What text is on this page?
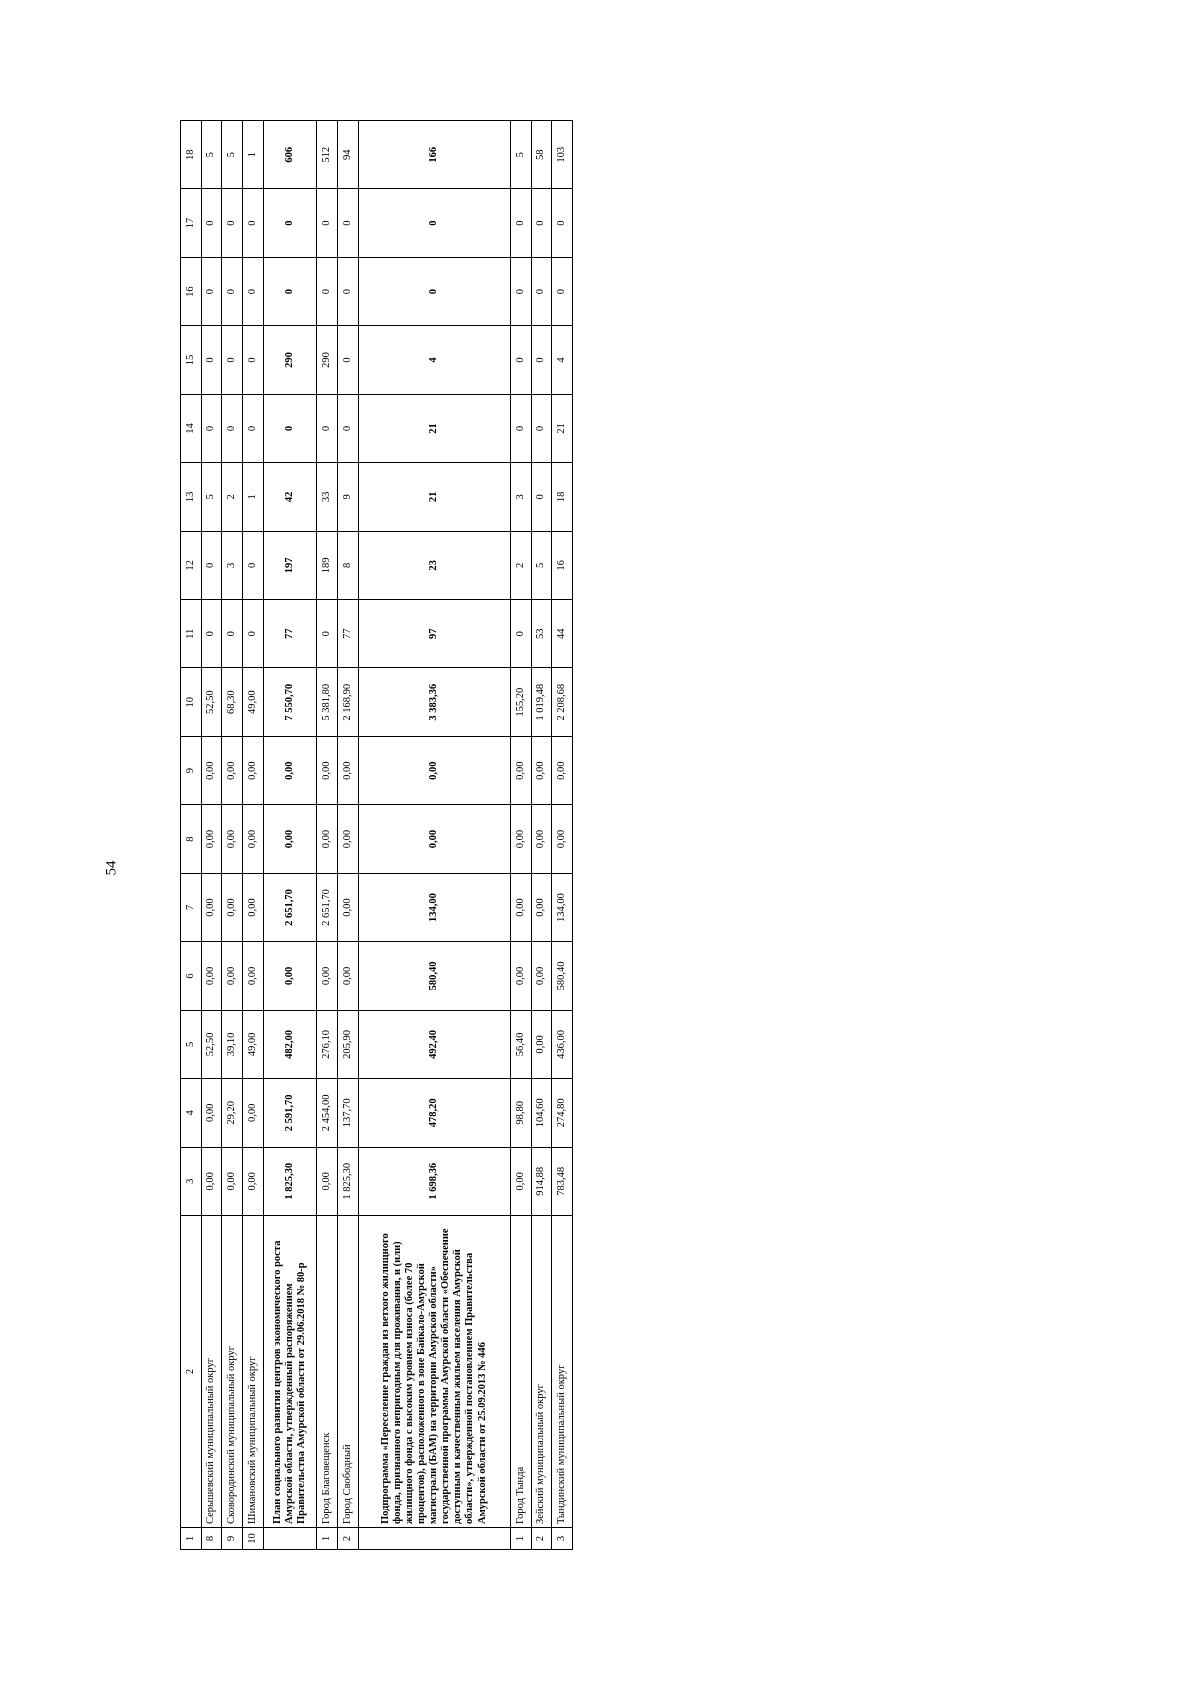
54
1	2	3	4	5	6	7	8	9	10	11	12	13	14	15	16	17	18
8	Серышевский муниципальный округ	0,00	0,00	52,50	0,00	0,00	0,00	0,00	52,50	0	0	5	0	0	0	0	5
9	Сковородинский муниципальный округ	0,00	29,20	39,10	0,00	0,00	0,00	0,00	68,30	0	3	2	0	0	0	0	5
10	Шимановский муниципальный округ	0,00	0,00	49,00	0,00	0,00	0,00	0,00	49,00	0	0	1	0	0	0	0	1
	План социального развития центров экономического роста Амурской области, утвержденный распоряжением Правительства Амурской области от 29.06.2018 № 80-р	1 825,30	2 591,70	482,00	0,00	2 651,70	0,00	0,00	7 550,70	77	197	42	0	290	0	0	606
1	Город Благовещенск	0,00	2 454,00	276,10	0,00	2 651,70	0,00	0,00	5 381,80	0	189	33	0	290	0	0	512
2	Город Свободный	1 825,30	137,70	205,90	0,00	0,00	0,00	0,00	2 168,90	77	8	9	0	0	0	0	94
	Подпрограмма «Переселение граждан из ветхого жилищного фонда, признанного непригодным для проживания, и (или) жилищного фонда с высоким уровнем износа (более 70 процентов), расположенного в зоне Байкало-Амурской магистрали (БАМ) на территории Амурской области» государственной программы Амурской области «Обеспечение доступным и качественным жильем населения Амурской области», утвержденной постановлением Правительства Амурской области от 25.09.2013 № 446	1 698,36	478,20	492,40	580,40	134,00	0,00	0,00	3 383,36	97	23	21	21	4	0	0	166
1	Город Тында	0,00	98,80	56,40	0,00	0,00	0,00	0,00	155,20	0	2	3	0	0	0	0	5
2	Зейский муниципальный округ	914,88	104,60	0,00	0,00	0,00	0,00	0,00	1 019,48	53	5	0	0	0	0	0	58
3	Тындинский муниципальный округ	783,48	274,80	436,00	580,40	134,00	0,00	0,00	2 208,68	44	16	18	21	4	0	0	103
